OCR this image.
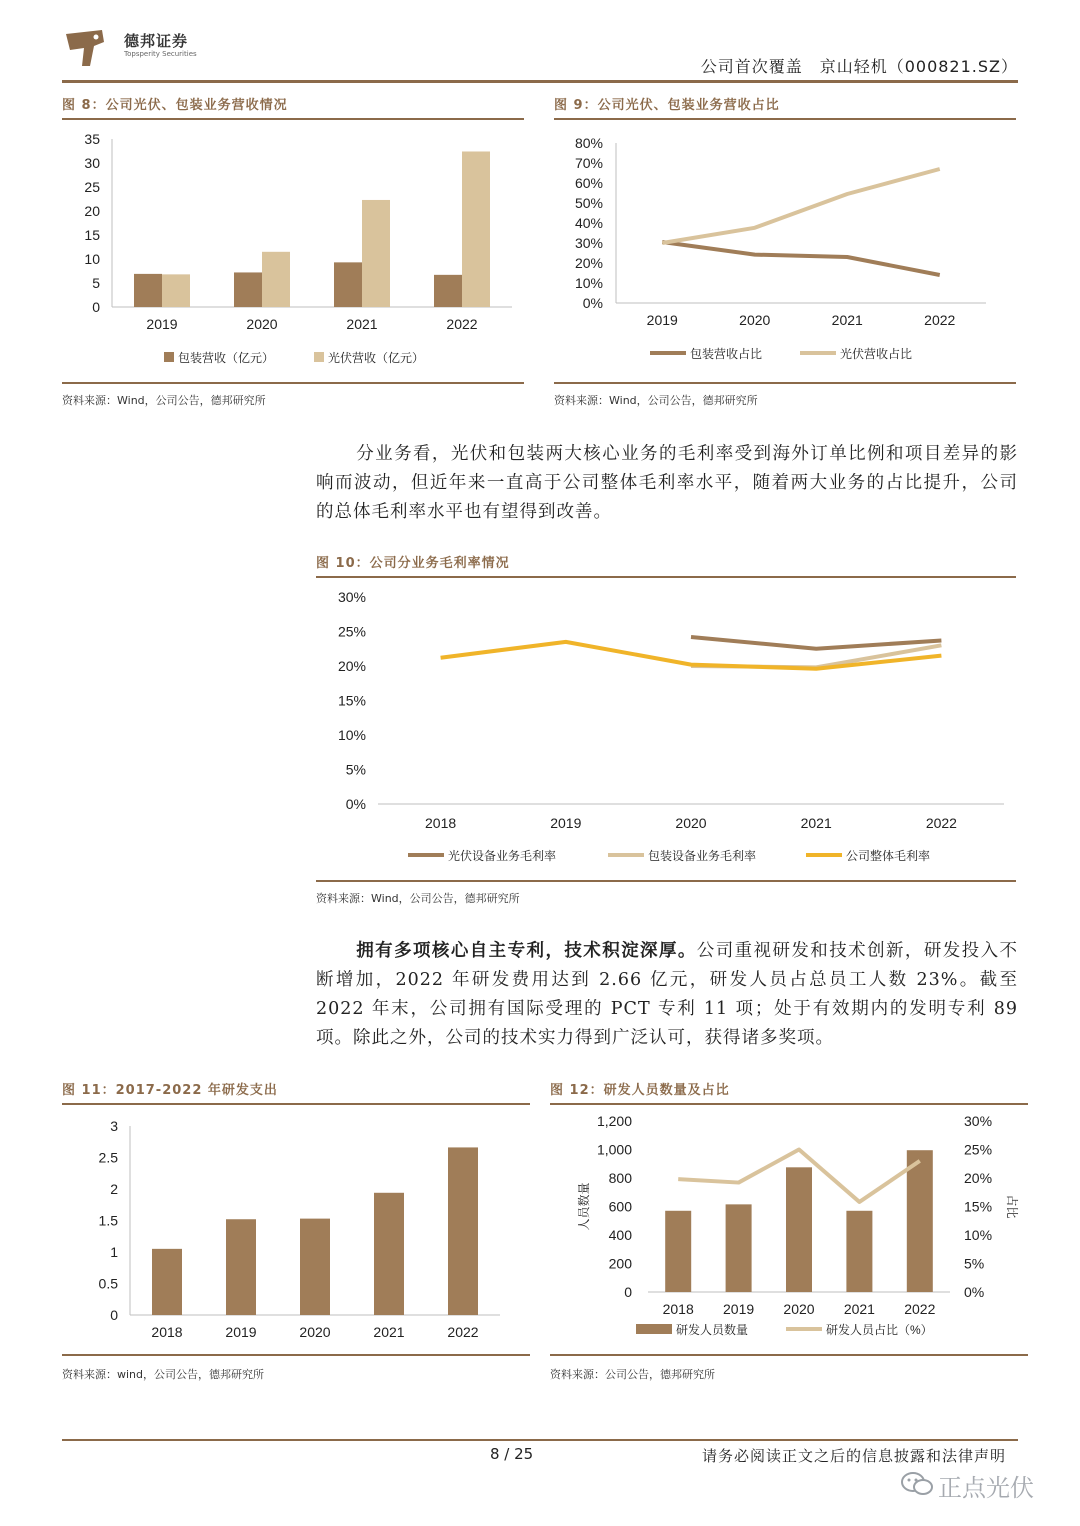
德邦证券
Topsperity Securities
公司首次覆盖　京山轻机（000821.SZ）
图 8：公司光伏、包装业务营收情况
0
5
10
15
20
25
30
35
2019	2020	2021	2022
包装营收（亿元）	光伏营收（亿元）
资料来源：Wind，公司公告，德邦研究所
图 9：公司光伏、包装业务营收占比
0%
10%
20%
30%
40%
50%
60%
70%
80%
2019	2020	2021	2022
包装营收占比	光伏营收占比
资料来源：Wind，公司公告，德邦研究所
分业务看，光伏和包装两大核心业务的毛利率受到海外订单比例和项目差异的影响而波动，但近年来一直高于公司整体毛利率水平，随着两大业务的占比提升，公司的总体毛利率水平也有望得到改善。
图 10：公司分业务毛利率情况
0%
5%
10%
15%
20%
25%
30%
2018	2019	2020	2021	2022
光伏设备业务毛利率	包装设备业务毛利率	公司整体毛利率
资料来源：Wind，公司公告，德邦研究所
拥有多项核心自主专利，技术积淀深厚。公司重视研发和技术创新，研发投入不断增加，2022 年研发费用达到 2.66 亿元，研发人员占总员工人数 23%。截至 2022 年末，公司拥有国际受理的 PCT 专利 11 项；处于有效期内的发明专利 89 项。除此之外，公司的技术实力得到广泛认可，获得诸多奖项。
图 11：2017-2022 年研发支出
0
0.5
1
1.5
2
2.5
3
2018	2019	2020	2021	2022
资料来源：wind，公司公告，德邦研究所
图 12：研发人员数量及占比
0
200
400
600
800
1,000
1,200
0%
5%
10%
15%
20%
25%
30%
人员数量	占比
2018 2019 2020 2021 2022
研发人员数量	研发人员占比（%）
资料来源：公司公告，德邦研究所
8 / 25	请务必阅读正文之后的信息披露和法律声明
正点光伏
